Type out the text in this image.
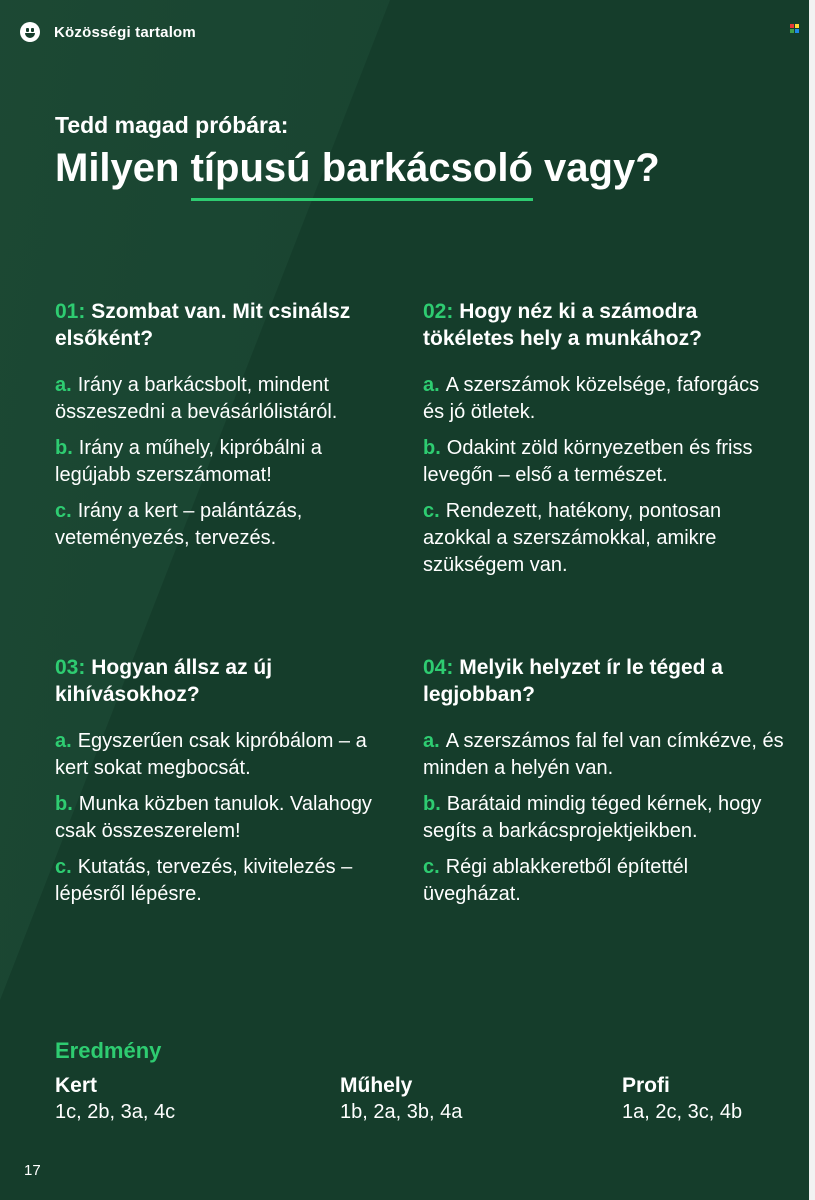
Közösségi tartalom
Tedd magad próbára:
Milyen típusú barkácsoló vagy?

01: Szombat van. Mit csinálsz elsőként?

a. Irány a barkácsbolt, mindent összeszedni a bevásárlólistáról.
b. Irány a műhely, kipróbálni a legújabb szerszámomat!
c. Irány a kert – palántázás, veteményezés, tervezés.

02: Hogy néz ki a számodra tökéletes hely a munkához?

a. A szerszámok közelsége, faforgács és jó ötletek.
b. Odakint zöld környezetben és friss levegőn – első a természet.
c. Rendezett, hatékony, pontosan azokkal a szerszámokkal, amikre szükségem van.

03: Hogyan állsz az új kihívásokhoz?

a. Egyszerűen csak kipróbálom – a kert sokat megbocsát.
b. Munka közben tanulok. Valahogy csak összeszerelem!
c. Kutatás, tervezés, kivitelezés – lépésről lépésre.

04: Melyik helyzet ír le téged a legjobban?

a. A szerszámos fal fel van címkézve, és minden a helyén van.
b. Barátaid mindig téged kérnek, hogy segíts a barkácsprojektjeikben.
c. Régi ablakkeretből építettél üvegházat.
Eredmény
Kert
1c, 2b, 3a, 4c
Műhely
1b, 2a, 3b, 4a
Profi
1a, 2c, 3c, 4b
17
